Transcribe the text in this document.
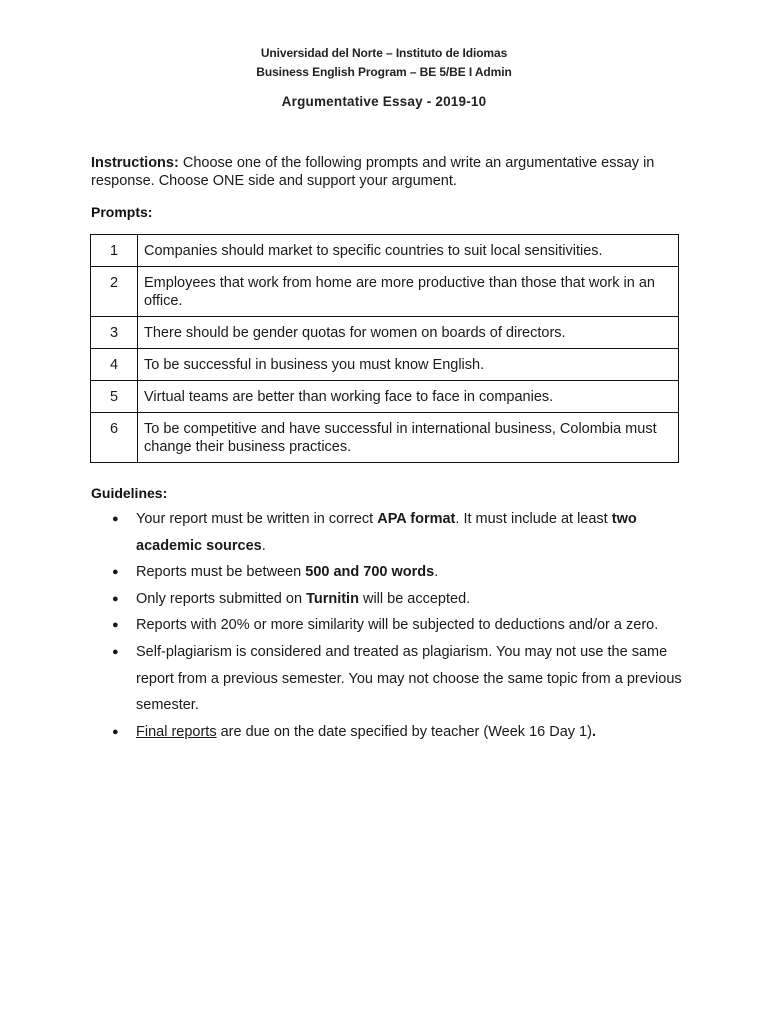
Universidad del Norte – Instituto de Idiomas
Business English Program – BE 5/BE I Admin
Argumentative Essay - 2019-10
Instructions: Choose one of the following prompts and write an argumentative essay in response. Choose ONE side and support your argument.
Prompts:
1	Companies should market to specific countries to suit local sensitivities.
2	Employees that work from home are more productive than those that work in an office.
3	There should be gender quotas for women on boards of directors.
4	To be successful in business you must know English.
5	Virtual teams are better than working face to face in companies.
6	To be competitive and have successful in international business, Colombia must change their business practices.
Guidelines:
● Your report must be written in correct APA format. It must include at least two academic sources.
● Reports must be between 500 and 700 words.
● Only reports submitted on Turnitin will be accepted.
● Reports with 20% or more similarity will be subjected to deductions and/or a zero.
● Self-plagiarism is considered and treated as plagiarism. You may not use the same report from a previous semester. You may not choose the same topic from a previous semester.
● Final reports are due on the date specified by teacher (Week 16 Day 1).
